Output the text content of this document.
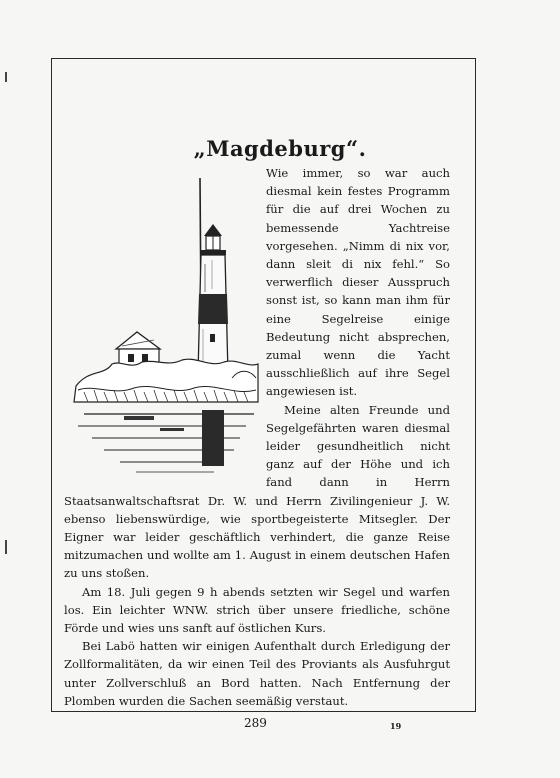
„Magdeburg“.

Wie immer, so war auch diesmal kein festes Programm für die auf drei Wochen zu bemessende Yachtreise vorgesehen. „Nimm di nix vor, dann sleit di nix fehl.“ So verwerflich dieser Ausspruch sonst ist, so kann man ihm für eine Segelreise einige Bedeutung nicht absprechen, zumal wenn die Yacht ausschließlich auf ihre Segel angewiesen ist.

Meine alten Freunde und Segelgefährten waren diesmal leider gesundheitlich nicht ganz auf der Höhe und ich fand dann in Herrn Staatsanwaltschaftsrat Dr. W. und Herrn Zivilingenieur J. W. ebenso liebenswürdige, wie sportbegeisterte Mitsegler. Der Eigner war leider geschäftlich verhindert, die ganze Reise mitzumachen und wollte am 1. August in einem deutschen Hafen zu uns stoßen.

Am 18. Juli gegen 9 h abends setzten wir Segel und warfen los. Ein leichter WNW. strich über unsere friedliche, schöne Förde und wies uns sanft auf östlichen Kurs.

Bei Labö hatten wir einigen Aufenthalt durch Erledigung der Zollformalitäten, da wir einen Teil des Proviants als Ausfuhrgut unter Zollverschluß an Bord hatten. Nach Entfernung der Plomben wurden die Sachen seemäßig verstaut.

289	19
